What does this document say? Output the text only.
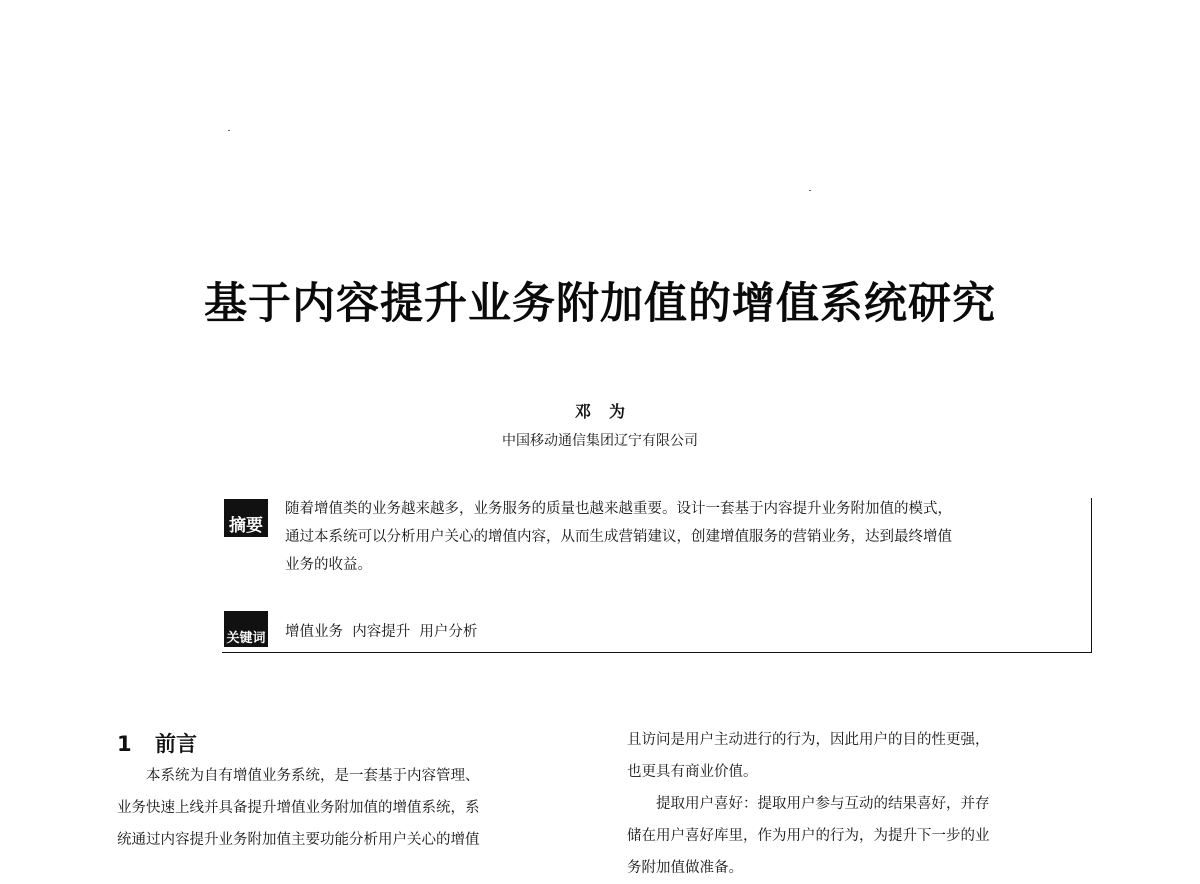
基于内容提升业务附加值的增值系统研究
邓为
中国移动通信集团辽宁有限公司
摘要
随着增值类的业务越来越多，业务服务的质量也越来越重要。设计一套基于内容提升业务附加值的模式，
通过本系统可以分析用户关心的增值内容，从而生成营销建议，创建增值服务的营销业务，达到最终增值
业务的收益。
关键词 增值业务  内容提升  用户分析
1 前言

本系统为自有增值业务系统，是一套基于内容管理、

业务快速上线并具备提升增值业务附加值的增值系统，系

统通过内容提升业务附加值主要功能分析用户关心的增值

且访问是用户主动进行的行为，因此用户的目的性更强，

也更具有商业价值。

提取用户喜好：提取用户参与互动的结果喜好，并存

储在用户喜好库里，作为用户的行为，为提升下一步的业

务附加值做准备。
